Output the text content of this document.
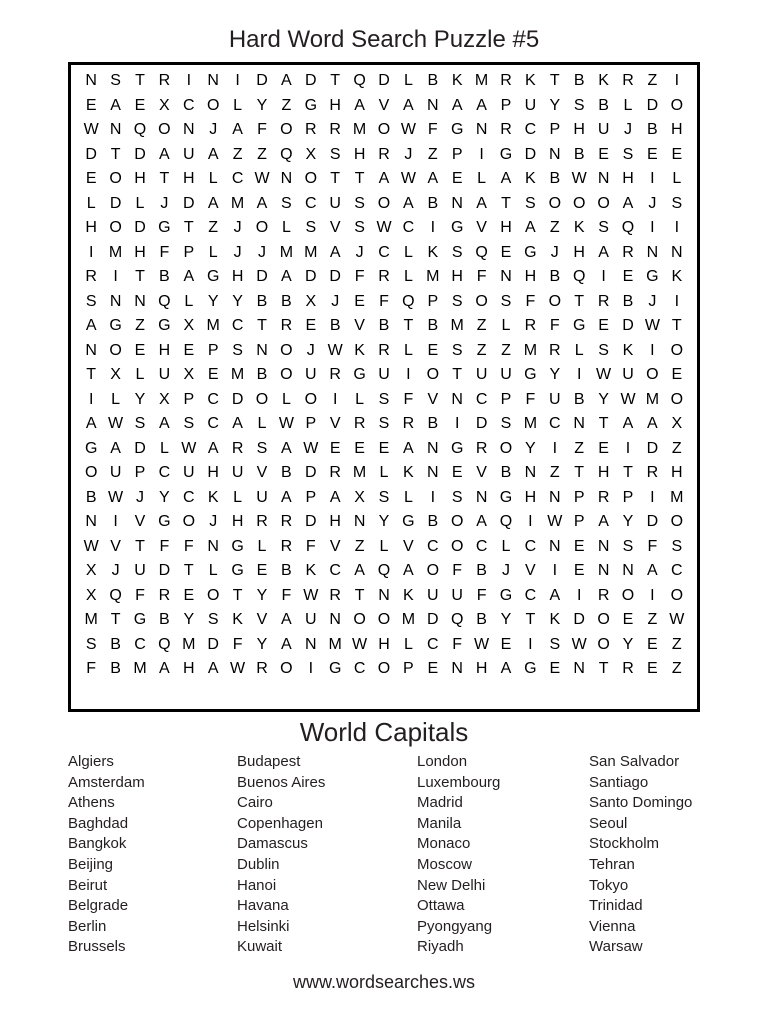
Hard Word Search Puzzle #5
N S T R	I	N	I	D A D T Q D L B K M R K T B K R Z	I
E A E X C O L Y Z G H A V A N A A P U Y S B L D O
W N Q O N J A F O R R M O W F G N R C P H U J B H
D T D A U A Z Z Q X S H R J Z P	I G D N B E S E E
E O H T H L C W N O T T A W A E L A K B W N H	I	L
L D L J D A M A S C U S O A B N A T S O O O A J S
H O D G T Z J O L S V S W C	I G V H A Z K S Q I	I
I M H F P L J	J M M A J C L K S Q E G J H A R N N
R	I	T B A G H D A D D F R L M H F N H B Q I	E G K
S N N Q L Y Y B B X J E F Q P S O S F O T R B J	I
A G Z G X M C T R E B V B T B M Z L R F G E D W T
N O E H E P S N O J W K R L E S Z Z M R L S K	I O
T X L U X E M B O U R G U	I O T U U G Y	I W U O E
I	L Y X P C D O L O I	L S F V N C P F U B Y W M O
A W S A S C A L W P V R S R B	I	D S M C N T A A X
G A D L W A R S A W E E E A N G R O Y	I	Z E	I	D Z
O U P C U H U V B D R M L K N E V B N Z T H T R H
B W J Y C K L U A P A X S L	I	S N G H N P R P	I M
N	I	V G O J H R R D H N Y G B O A Q I W P A Y D O
W V T F F N G L R F V Z L V C O C L C N E N S F S
X J U D T L G E B K C A Q A O F B J V	I	E N N A C
X Q F R E O T Y F W R T N K U U F G C A	I	R O I O
M T G B Y S K V A U N O O M D Q B Y T K D O E Z W
S B C Q M D F Y A N M W H L C F W E	I	S W O Y E Z
F B M A H A W R O I G C O P E N H A G E N T R E Z
World Capitals
Algiers
Amsterdam
Athens
Baghdad
Bangkok
Beijing
Beirut
Belgrade
Berlin
Brussels
Budapest
Buenos Aires
Cairo
Copenhagen
Damascus
Dublin
Hanoi
Havana
Helsinki
Kuwait
London
Luxembourg
Madrid
Manila
Monaco
Moscow
New Delhi
Ottawa
Pyongyang
Riyadh
San Salvador
Santiago
Santo Domingo
Seoul
Stockholm
Tehran
Tokyo
Trinidad
Vienna
Warsaw
www.wordsearches.ws
